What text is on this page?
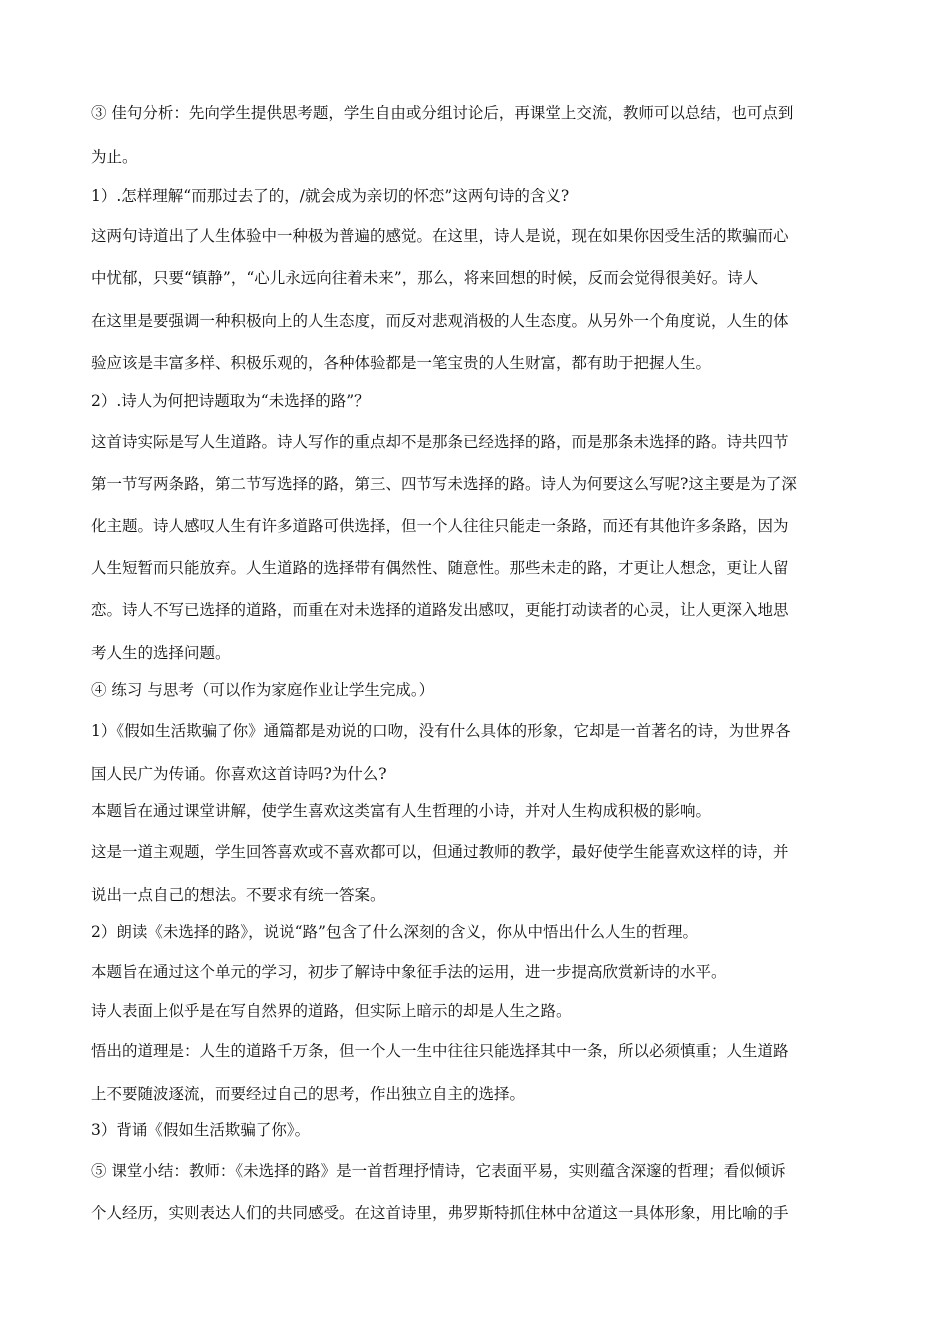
③ 佳句分析：先向学生提供思考题，学生自由或分组讨论后，再课堂上交流，教师可以总结，也可点到
为止。
1）.怎样理解“而那过去了的，/就会成为亲切的怀恋”这两句诗的含义?
这两句诗道出了人生体验中一种极为普遍的感觉。在这里，诗人是说，现在如果你因受生活的欺骗而心
中忧郁，只要“镇静”，“心儿永远向往着未来”，那么，将来回想的时候，反而会觉得很美好。诗人
在这里是要强调一种积极向上的人生态度，而反对悲观消极的人生态度。从另外一个角度说，人生的体
验应该是丰富多样、积极乐观的，各种体验都是一笔宝贵的人生财富，都有助于把握人生。
2）.诗人为何把诗题取为“未选择的路”？
这首诗实际是写人生道路。诗人写作的重点却不是那条已经选择的路，而是那条未选择的路。诗共四节
第一节写两条路，第二节写选择的路，第三、四节写未选择的路。诗人为何要这么写呢?这主要是为了深
化主题。诗人感叹人生有许多道路可供选择，但一个人往往只能走一条路，而还有其他许多条路，因为
人生短暂而只能放弃。人生道路的选择带有偶然性、随意性。那些未走的路，才更让人想念，更让人留
恋。诗人不写已选择的道路，而重在对未选择的道路发出感叹，更能打动读者的心灵，让人更深入地思
考人生的选择问题。
④ 练习 与思考（可以作为家庭作业让学生完成。）
1）《假如生活欺骗了你》通篇都是劝说的口吻，没有什么具体的形象，它却是一首著名的诗，为世界各
国人民广为传诵。你喜欢这首诗吗?为什么?
本题旨在通过课堂讲解，使学生喜欢这类富有人生哲理的小诗，并对人生构成积极的影响。
这是一道主观题，学生回答喜欢或不喜欢都可以，但通过教师的教学，最好使学生能喜欢这样的诗，并
说出一点自己的想法。不要求有统一答案。
2）朗读《未选择的路》，说说“路”包含了什么深刻的含义，你从中悟出什么人生的哲理。
本题旨在通过这个单元的学习，初步了解诗中象征手法的运用，进一步提高欣赏新诗的水平。
诗人表面上似乎是在写自然界的道路，但实际上暗示的却是人生之路。
悟出的道理是：人生的道路千万条，但一个人一生中往往只能选择其中一条，所以必须慎重；人生道路
上不要随波逐流，而要经过自己的思考，作出独立自主的选择。
3）背诵《假如生活欺骗了你》。
⑤ 课堂小结：教师：《未选择的路》是一首哲理抒情诗，它表面平易，实则蕴含深邃的哲理；看似倾诉
个人经历，实则表达人们的共同感受。在这首诗里，弗罗斯特抓住林中岔道这一具体形象，用比喻的手
